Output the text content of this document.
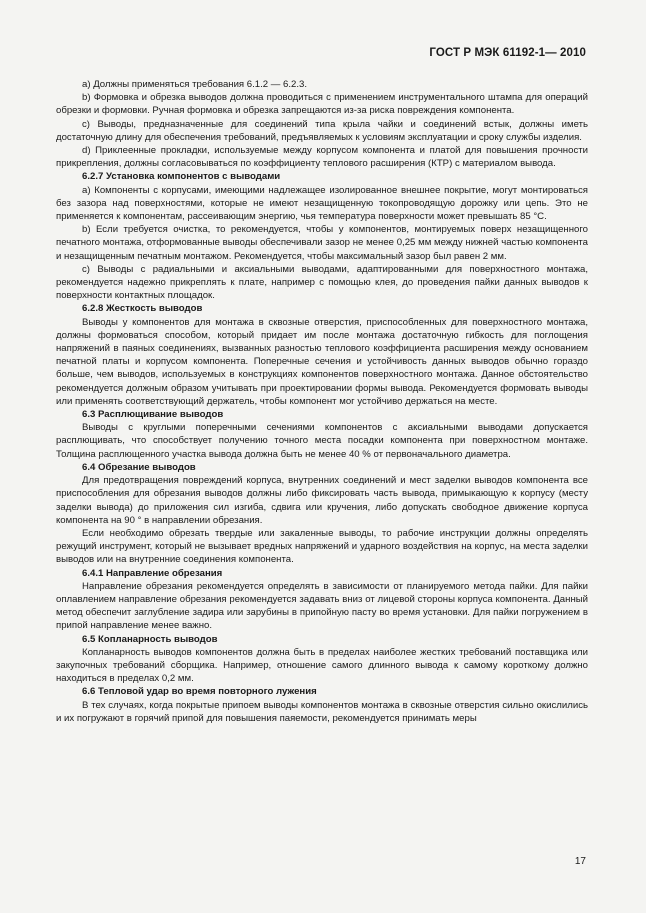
ГОСТ Р МЭК 61192-1— 2010

a) Должны применяться требования 6.1.2 — 6.2.3.

b) Формовка и обрезка выводов должна проводиться с применением инструментального штампа для операций обрезки и формовки. Ручная формовка и обрезка запрещаются из-за риска повреждения компонента.

c) Выводы, предназначенные для соединений типа крыла чайки и соединений встык, должны иметь достаточную длину для обеспечения требований, предъявляемых к условиям эксплуатации и сроку службы изделия.

d) Приклеенные прокладки, используемые между корпусом компонента и платой для повышения прочности прикрепления, должны согласовываться по коэффициенту теплового расширения (КТР) с материалом вывода.

6.2.7 Установка компонентов с выводами

a) Компоненты с корпусами, имеющими надлежащее изолированное внешнее покрытие, могут монтироваться без зазора над поверхностями, которые не имеют незащищенную токопроводящую дорожку или цепь. Это не применяется к компонентам, рассеивающим энергию, чья температура поверхности может превышать 85 °С.

b) Если требуется очистка, то рекомендуется, чтобы у компонентов, монтируемых поверх незащищенного печатного монтажа, отформованные выводы обеспечивали зазор не менее 0,25 мм между нижней частью компонента и незащищенным печатным монтажом. Рекомендуется, чтобы максимальный зазор был равен 2 мм.

c) Выводы с радиальными и аксиальными выводами, адаптированными для поверхностного монтажа, рекомендуется надежно прикреплять к плате, например с помощью клея, до проведения пайки данных выводов к поверхности контактных площадок.

6.2.8 Жесткость выводов

Выводы у компонентов для монтажа в сквозные отверстия, приспособленных для поверхностного монтажа, должны формоваться способом, который придает им после монтажа достаточную гибкость для поглощения напряжений в паяных соединениях, вызванных разностью теплового коэффициента расширения между основанием печатной платы и корпусом компонента. Поперечные сечения и устойчивость данных выводов обычно гораздо больше, чем выводов, используемых в конструкциях компонентов поверхностного монтажа. Данное обстоятельство рекомендуется должным образом учитывать при проектировании формы вывода. Рекомендуется формовать выводы или применять соответствующий держатель, чтобы компонент мог устойчиво держаться на месте.

6.3 Расплющивание выводов

Выводы с круглыми поперечными сечениями компонентов с аксиальными выводами допускается расплющивать, что способствует получению точного места посадки компонента при поверхностном монтаже. Толщина расплющенного участка вывода должна быть не менее 40 % от первоначального диаметра.

6.4 Обрезание выводов

Для предотвращения повреждений корпуса, внутренних соединений и мест заделки выводов компонента все приспособления для обрезания выводов должны либо фиксировать часть вывода, примыкающую к корпусу (месту заделки вывода) до приложения сил изгиба, сдвига или кручения, либо допускать свободное движение корпуса компонента на 90 ° в направлении обрезания.

Если необходимо обрезать твердые или закаленные выводы, то рабочие инструкции должны определять режущий инструмент, который не вызывает вредных напряжений и ударного воздействия на корпус, на места заделки выводов или на внутренние соединения компонента.

6.4.1 Направление обрезания

Направление обрезания рекомендуется определять в зависимости от планируемого метода пайки. Для пайки оплавлением направление обрезания рекомендуется задавать вниз от лицевой стороны корпуса компонента. Данный метод обеспечит заглубление задира или зарубины в припойную пасту во время установки. Для пайки погружением в припой направление менее важно.

6.5 Копланарность выводов

Копланарность выводов компонентов должна быть в пределах наиболее жестких требований поставщика или закупочных требований сборщика. Например, отношение самого длинного вывода к самому короткому должно находиться в пределах 0,2 мм.

6.6 Тепловой удар во время повторного лужения

В тех случаях, когда покрытые припоем выводы компонентов монтажа в сквозные отверстия сильно окислились и их погружают в горячий припой для повышения паяемости, рекомендуется принимать меры

17
